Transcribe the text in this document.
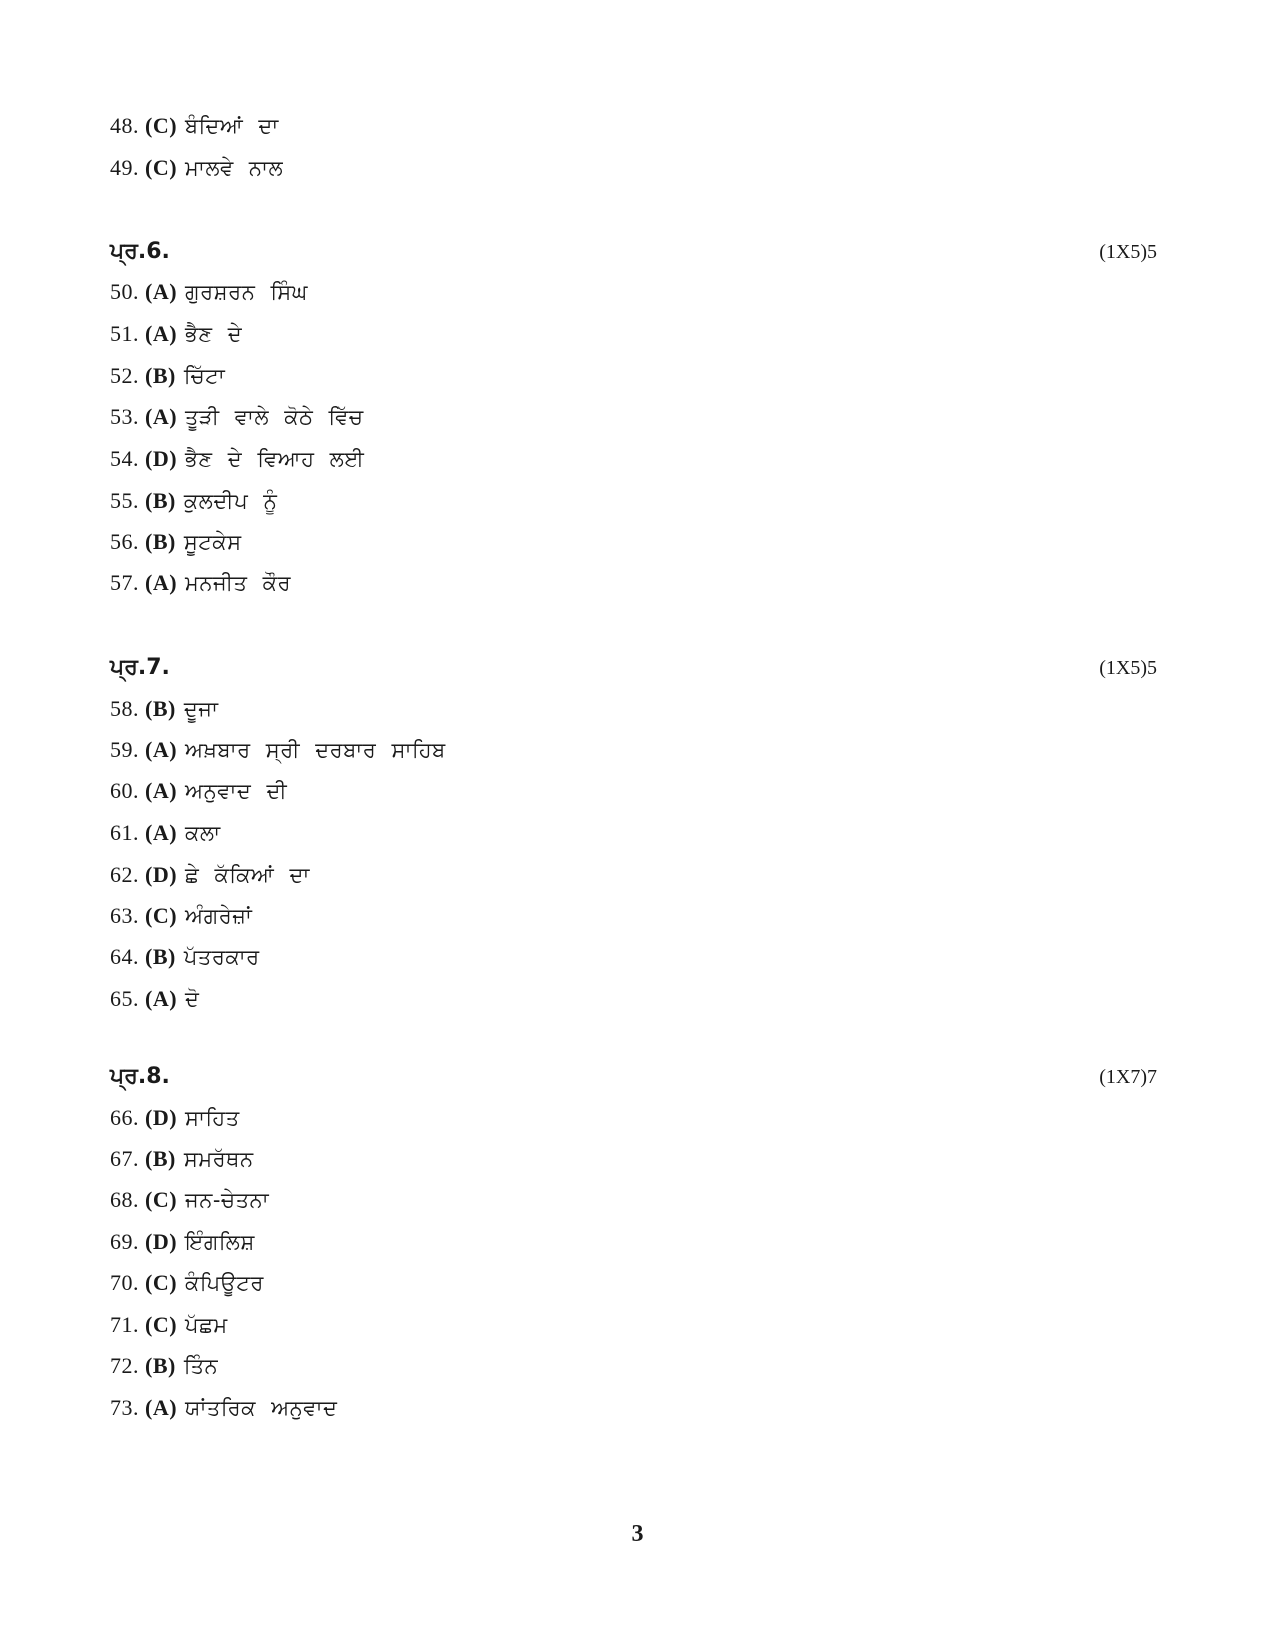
48. (C) ਬੰਦਿਆਂ ਦਾ
49. (C) ਮਾਲਵੇ ਨਾਲ
ਪ੍ਰ.6.	(1X5)5
50. (A) ਗੁਰਸ਼ਰਨ ਸਿੰਘ
51. (A) ਭੈਣ ਦੇ
52. (B) ਚਿੱਟਾ
53. (A) ਤੂੜੀ ਵਾਲੇ ਕੋਠੇ ਵਿੱਚ
54. (D) ਭੈਣ ਦੇ ਵਿਆਹ ਲਈ
55. (B) ਕੁਲਦੀਪ ਨੂੰ
56. (B) ਸੂਟਕੇਸ
57. (A) ਮਨਜੀਤ ਕੌਰ
ਪ੍ਰ.7.	(1X5)5
58. (B) ਦੂਜਾ
59. (A) ਅਖ਼ਬਾਰ ਸ੍ਰੀ ਦਰਬਾਰ ਸਾਹਿਬ
60. (A) ਅਨੁਵਾਦ ਦੀ
61. (A) ਕਲਾ
62. (D) ਛੇ ਕੱਕਿਆਂ ਦਾ
63. (C) ਅੰਗਰੇਜ਼ਾਂ
64. (B) ਪੱਤਰਕਾਰ
65. (A) ਦੋ
ਪ੍ਰ.8.	(1X7)7
66. (D) ਸਾਹਿਤ
67. (B) ਸਮਰੱਥਨ
68. (C) ਜਨ-ਚੇਤਨਾ
69. (D) ਇੰਗਲਿਸ਼
70. (C) ਕੰਪਿਊਟਰ
71. (C) ਪੱਛਮ
72. (B) ਤਿੰਨ
73. (A) ਯਾਂਤਰਿਕ ਅਨੁਵਾਦ
3
